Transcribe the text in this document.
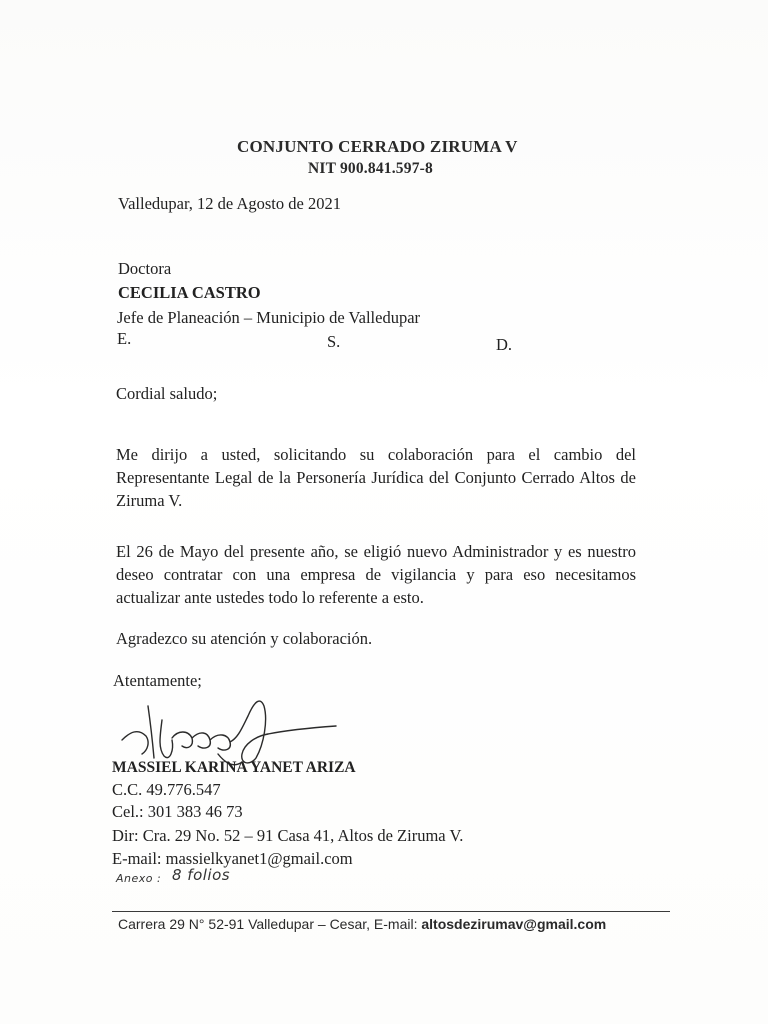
CONJUNTO CERRADO ZIRUMA V
NIT 900.841.597-8
Valledupar, 12 de Agosto de 2021
Doctora
CECILIA CASTRO
Jefe de Planeación – Municipio de Valledupar
E.	S.	D.
Cordial saludo;
Me dirijo a usted, solicitando su colaboración para el cambio del Representante Legal de la Personería Jurídica del Conjunto Cerrado Altos de Ziruma V.
El 26 de Mayo del presente año, se eligió nuevo Administrador y es nuestro deseo contratar con una empresa de vigilancia y para eso necesitamos actualizar ante ustedes todo lo referente a esto.
Agradezco su atención y colaboración.
Atentamente;
MASSIEL KARINA YANET ARIZA
C.C. 49.776.547
Cel.: 301 383 46 73
Dir: Cra. 29 No. 52 – 91 Casa 41, Altos de Ziruma V.
E-mail: massielkyanet1@gmail.com
Anexo : 8 folios
Carrera 29 N° 52-91 Valledupar – Cesar, E-mail: altosdezirumav@gmail.com
